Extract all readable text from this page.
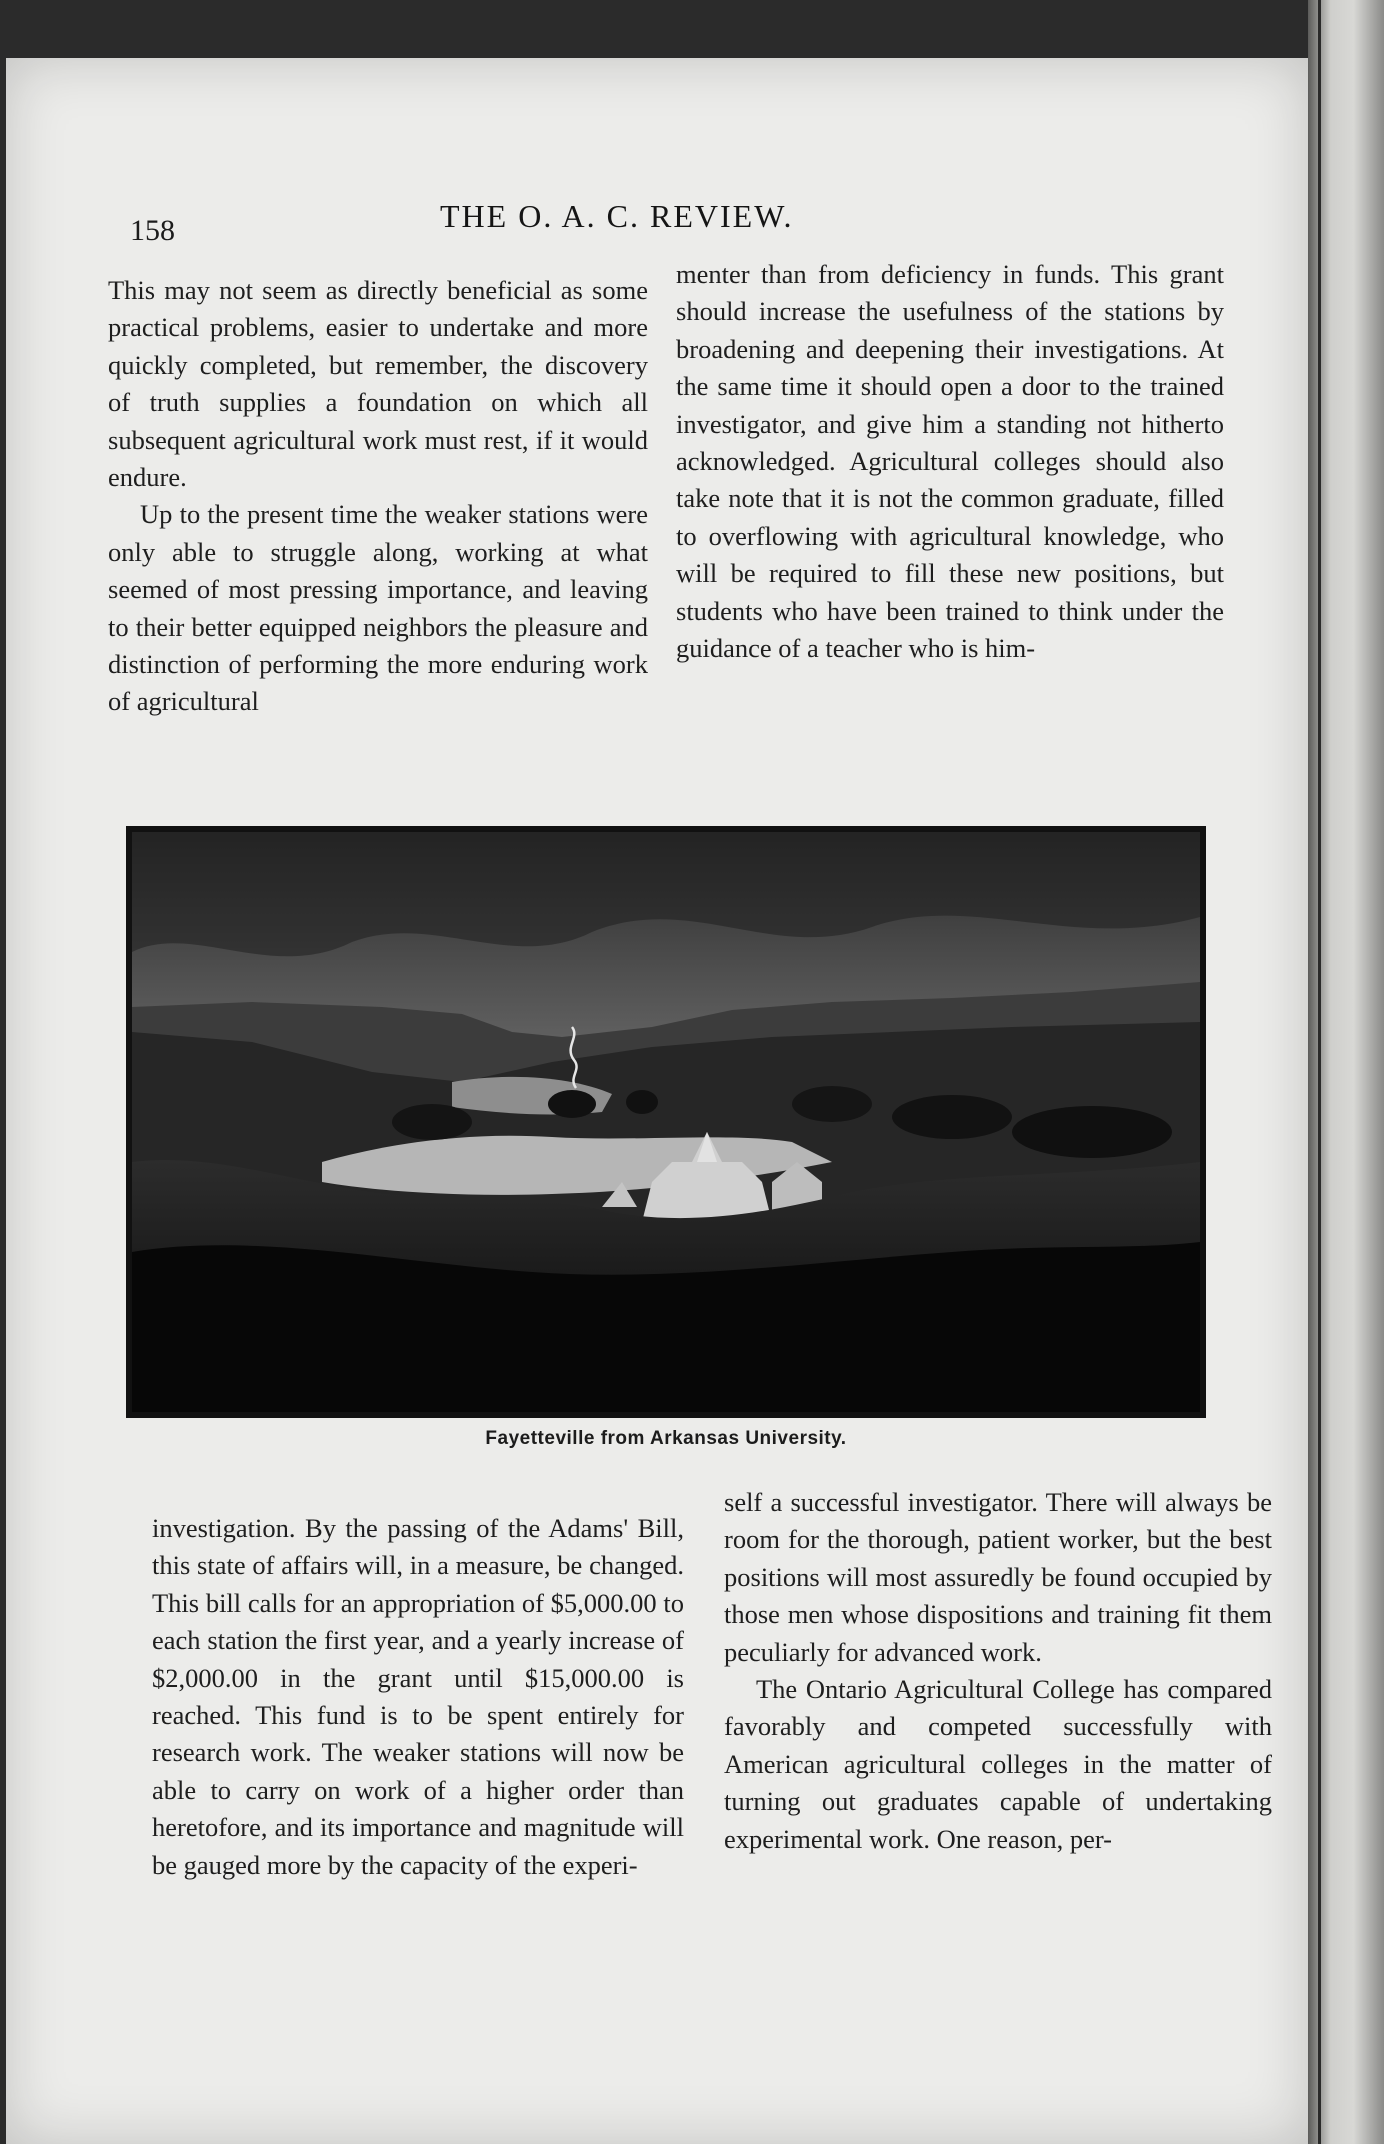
158	THE O. A. C. REVIEW.

This may not seem as directly beneficial as some practical problems, easier to undertake and more quickly completed, but remember, the discovery of truth supplies a foundation on which all subsequent agricultural work must rest, if it would endure.

Up to the present time the weaker stations were only able to struggle along, working at what seemed of most pressing importance, and leaving to their better equipped neighbors the pleasure and distinction of performing the more enduring work of agricultural

menter than from deficiency in funds. This grant should increase the usefulness of the stations by broadening and deepening their investigations. At the same time it should open a door to the trained investigator, and give him a standing not hitherto acknowledged. Agricultural colleges should also take note that it is not the common graduate, filled to overflowing with agricultural knowledge, who will be required to fill these new positions, but students who have been trained to think under the guidance of a teacher who is him-

Fayetteville from Arkansas University.

investigation. By the passing of the Adams' Bill, this state of affairs will, in a measure, be changed. This bill calls for an appropriation of $5,000.00 to each station the first year, and a yearly increase of $2,000.00 in the grant until $15,000.00 is reached. This fund is to be spent entirely for research work. The weaker stations will now be able to carry on work of a higher order than heretofore, and its importance and magnitude will be gauged more by the capacity of the experi-

self a successful investigator. There will always be room for the thorough, patient worker, but the best positions will most assuredly be found occupied by those men whose dispositions and training fit them peculiarly for advanced work.

The Ontario Agricultural College has compared favorably and competed successfully with American agricultural colleges in the matter of turning out graduates capable of undertaking experimental work. One reason, per-
